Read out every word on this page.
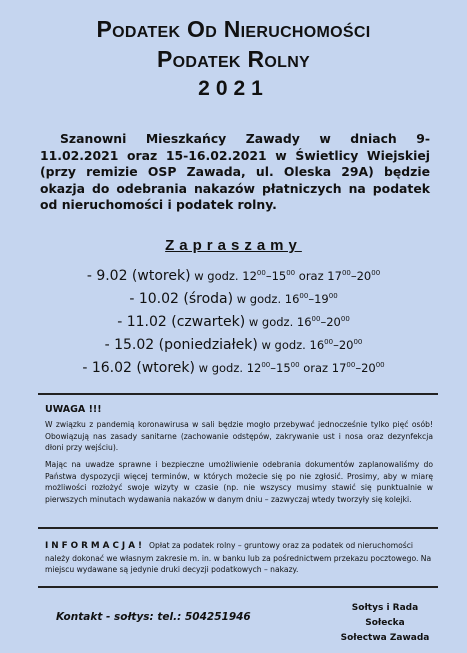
Podatek Od Nieruchomości
Podatek Rolny
2021
Szanowni Mieszkańcy Zawady w dniach 9-11.02.2021 oraz 15-16.02.2021 w Świetlicy Wiejskiej (przy remizie OSP Zawada, ul. Oleska 29A) będzie okazja do odebrania nakazów płatniczych na podatek od nieruchomości i podatek rolny.
Zapraszamy
- 9.02 (wtorek) w godz. $12^{00}-15^{00}$ oraz $17^{00}-20^{00}$
- 10.02 (środa) w godz. $16^{00}-19^{00}$
- 11.02 (czwartek) w godz. $16^{00}-20^{00}$
- 15.02 (poniedziałek) w godz. $16^{00}-20^{00}$
- 16.02 (wtorek) w godz. $12^{00}-15^{00}$ oraz $17^{00}-20^{00}$
UWAGA !!!
W związku z pandemią koronawirusa w sali będzie mogło przebywać jednocześnie tylko pięć osób! Obowiązują nas zasady sanitarne (zachowanie odstępów, zakrywanie ust i nosa oraz dezynfekcja dłoni przy wejściu).
Mając na uwadze sprawne i bezpieczne umożliwienie odebrania dokumentów zaplanowaliśmy do Państwa dyspozycji więcej terminów, w których możecie się po nie zgłosić. Prosimy, aby w miarę możliwości rozłożyć swoje wizyty w czasie (np. nie wszyscy musimy stawić się punktualnie w pierwszych minutach wydawania nakazów w danym dniu – zazwyczaj wtedy tworzyły się kolejki.
INFORMACJA! Opłat za podatek rolny – gruntowy oraz za podatek od nieruchomości należy dokonać we własnym zakresie m. in. w banku lub za pośrednictwem przekazu pocztowego. Na miejscu wydawane są jedynie druki decyzji podatkowych – nakazy.
Kontakt - sołtys: tel.: 504251946
Sołtys i Rada Sołecka
Sołectwa Zawada
